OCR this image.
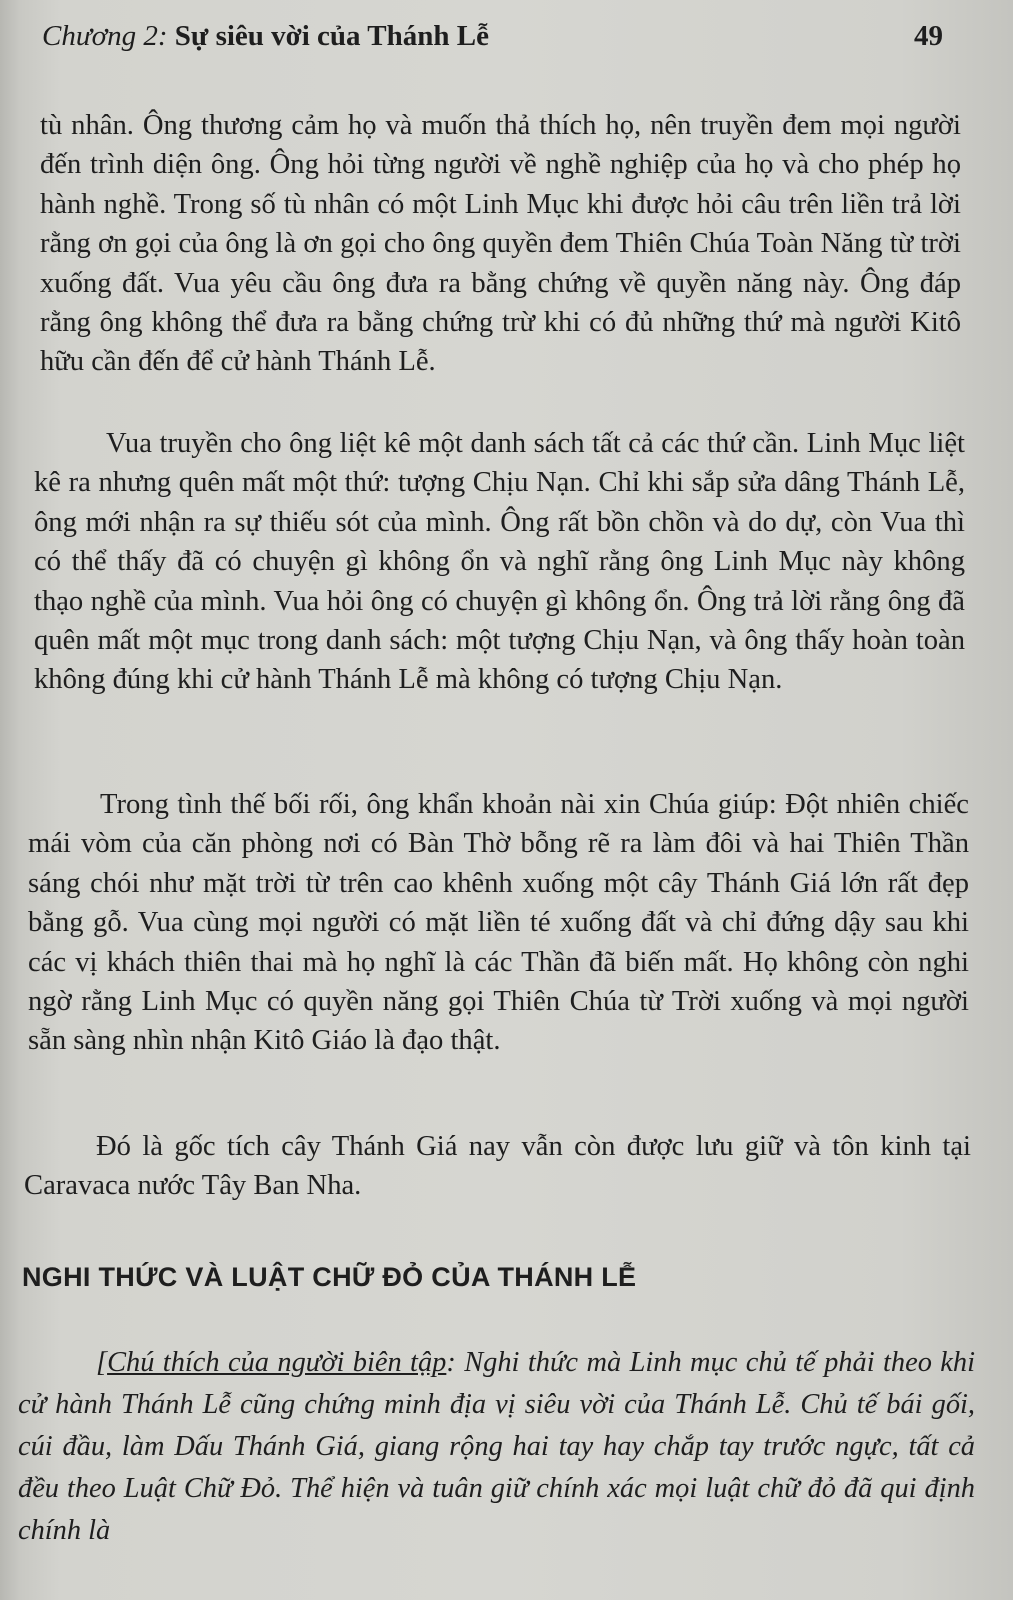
Chương 2: Sự siêu vời của Thánh Lễ	49

tù nhân. Ông thương cảm họ và muốn thả thích họ, nên truyền đem mọi người đến trình diện ông. Ông hỏi từng người về nghề nghiệp của họ và cho phép họ hành nghề. Trong số tù nhân có một Linh Mục khi được hỏi câu trên liền trả lời rằng ơn gọi của ông là ơn gọi cho ông quyền đem Thiên Chúa Toàn Năng từ trời xuống đất. Vua yêu cầu ông đưa ra bằng chứng về quyền năng này. Ông đáp rằng ông không thể đưa ra bằng chứng trừ khi có đủ những thứ mà người Kitô hữu cần đến để cử hành Thánh Lễ.

Vua truyền cho ông liệt kê một danh sách tất cả các thứ cần. Linh Mục liệt kê ra nhưng quên mất một thứ: tượng Chịu Nạn. Chỉ khi sắp sửa dâng Thánh Lễ, ông mới nhận ra sự thiếu sót của mình. Ông rất bồn chồn và do dự, còn Vua thì có thể thấy đã có chuyện gì không ổn và nghĩ rằng ông Linh Mục này không thạo nghề của mình. Vua hỏi ông có chuyện gì không ổn. Ông trả lời rằng ông đã quên mất một mục trong danh sách: một tượng Chịu Nạn, và ông thấy hoàn toàn không đúng khi cử hành Thánh Lễ mà không có tượng Chịu Nạn.

Trong tình thế bối rối, ông khẩn khoản nài xin Chúa giúp: Đột nhiên chiếc mái vòm của căn phòng nơi có Bàn Thờ bỗng rẽ ra làm đôi và hai Thiên Thần sáng chói như mặt trời từ trên cao khênh xuống một cây Thánh Giá lớn rất đẹp bằng gỗ. Vua cùng mọi người có mặt liền té xuống đất và chỉ đứng dậy sau khi các vị khách thiên thai mà họ nghĩ là các Thần đã biến mất. Họ không còn nghi ngờ rằng Linh Mục có quyền năng gọi Thiên Chúa từ Trời xuống và mọi người sẵn sàng nhìn nhận Kitô Giáo là đạo thật.

Đó là gốc tích cây Thánh Giá nay vẫn còn được lưu giữ và tôn kinh tại Caravaca nước Tây Ban Nha.

NGHI THỨC VÀ LUẬT CHỮ ĐỎ CỦA THÁNH LỄ

[Chú thích của người biên tập: Nghi thức mà Linh mục chủ tế phải theo khi cử hành Thánh Lễ cũng chứng minh địa vị siêu vời của Thánh Lễ. Chủ tế bái gối, cúi đầu, làm Dấu Thánh Giá, giang rộng hai tay hay chắp tay trước ngực, tất cả đều theo Luật Chữ Đỏ. Thể hiện và tuân giữ chính xác mọi luật chữ đỏ đã qui định chính là
